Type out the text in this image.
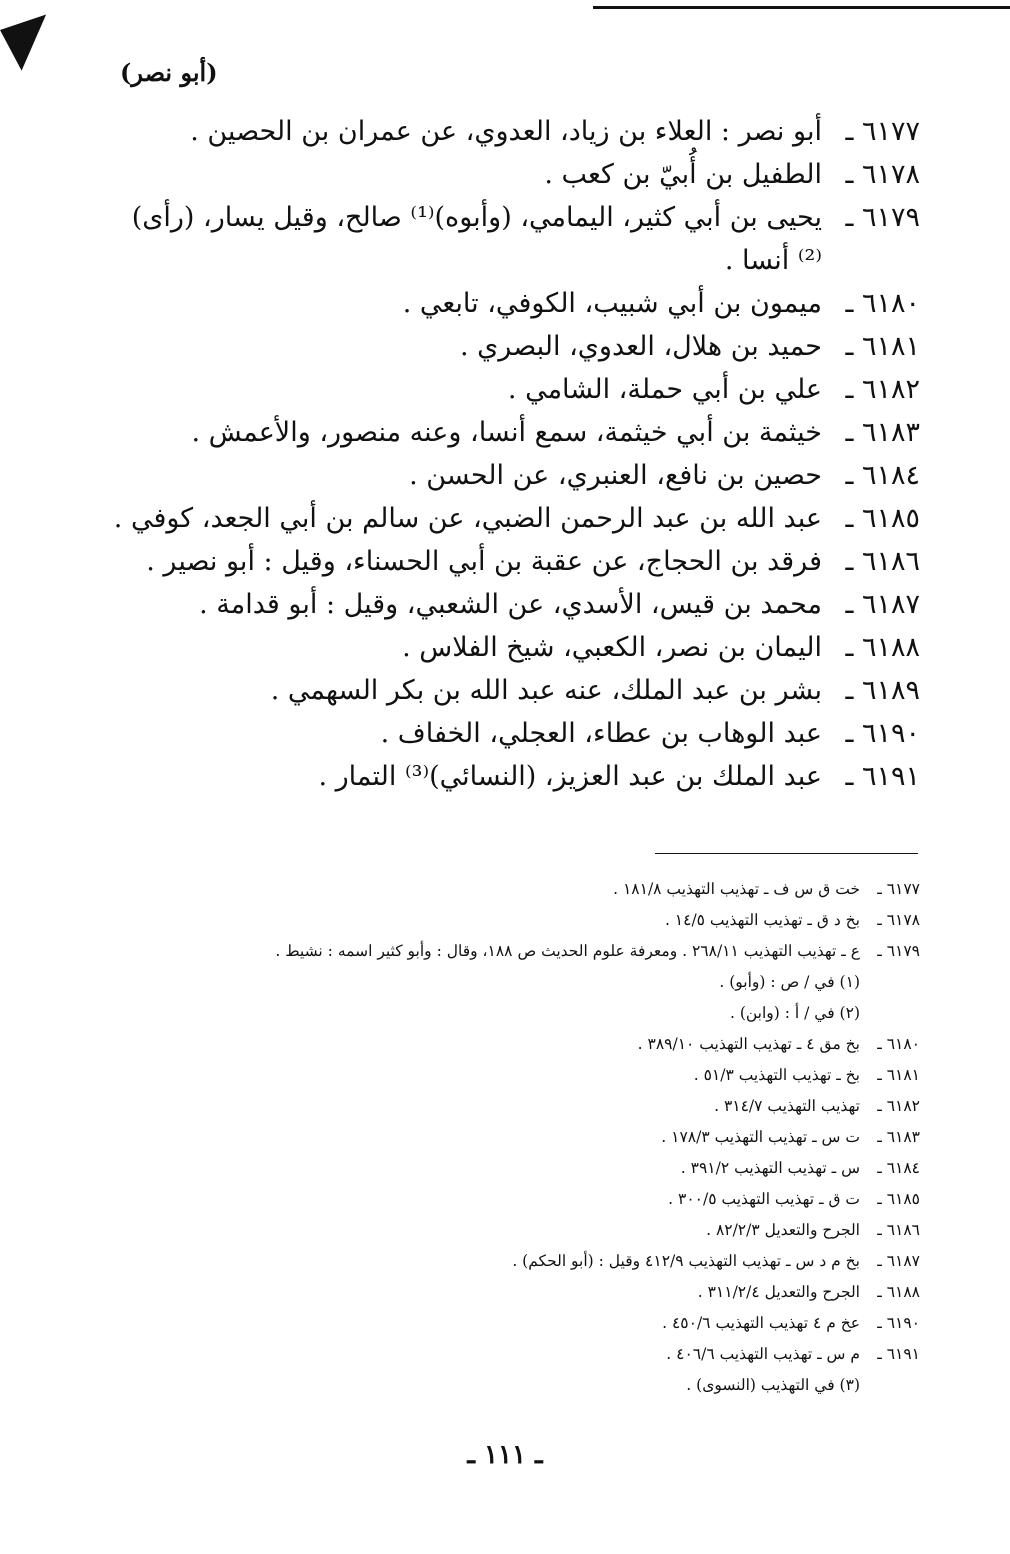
(أبو نصر)
٦١٧٧ ـ
أبو نصر : العلاء بن زياد، العدوي، عن عمران بن الحصين .
٦١٧٨ ـ
الطفيل بن أُبيّ بن كعب .
٦١٧٩ ـ
يحيى بن أبي كثير، اليمامي، (وأبوه)⁽¹⁾ صالح، وقيل يسار، (رأى)⁽²⁾ أنسا .
٦١٨٠ ـ
ميمون بن أبي شبيب، الكوفي، تابعي .
٦١٨١ ـ
حميد بن هلال، العدوي، البصري .
٦١٨٢ ـ
علي بن أبي حملة، الشامي .
٦١٨٣ ـ
خيثمة بن أبي خيثمة، سمع أنسا، وعنه منصور، والأعمش .
٦١٨٤ ـ
حصين بن نافع، العنبري، عن الحسن .
٦١٨٥ ـ
عبد الله بن عبد الرحمن الضبي، عن سالم بن أبي الجعد، كوفي .
٦١٨٦ ـ
فرقد بن الحجاج، عن عقبة بن أبي الحسناء، وقيل : أبو نصير .
٦١٨٧ ـ
محمد بن قيس، الأسدي، عن الشعبي، وقيل : أبو قدامة .
٦١٨٨ ـ
اليمان بن نصر، الكعبي، شيخ الفلاس .
٦١٨٩ ـ
بشر بن عبد الملك، عنه عبد الله بن بكر السهمي .
٦١٩٠ ـ
عبد الوهاب بن عطاء، العجلي، الخفاف .
٦١٩١ ـ
عبد الملك بن عبد العزيز، (النسائي)⁽³⁾ التمار .
٦١٧٧ ـ
خت ق س ف ـ تهذيب التهذيب ١٨١/٨ .
٦١٧٨ ـ
بخ د ق ـ تهذيب التهذيب ١٤/٥ .
٦١٧٩ ـ
ع ـ تهذيب التهذيب ٢٦٨/١١ . ومعرفة علوم الحديث ص ١٨٨، وقال : وأبو كثير اسمه : نشيط .
(١) في / ص : (وأبو) .
(٢) في / أ : (وابن) .
٦١٨٠ ـ
بخ مق ٤ ـ تهذيب التهذيب ٣٨٩/١٠ .
٦١٨١ ـ
بخ ـ تهذيب التهذيب ٥١/٣ .
٦١٨٢ ـ
تهذيب التهذيب ٣١٤/٧ .
٦١٨٣ ـ
ت س ـ تهذيب التهذيب ١٧٨/٣ .
٦١٨٤ ـ
س ـ تهذيب التهذيب ٣٩١/٢ .
٦١٨٥ ـ
ت ق ـ تهذيب التهذيب ٣٠٠/٥ .
٦١٨٦ ـ
الجرح والتعديل ٨٢/٢/٣ .
٦١٨٧ ـ
بخ م د س ـ تهذيب التهذيب ٤١٢/٩ وقيل : (أبو الحكم) .
٦١٨٨ ـ
الجرح والتعديل ٣١١/٢/٤ .
٦١٩٠ ـ
عخ م ٤ تهذيب التهذيب ٤٥٠/٦ .
٦١٩١ ـ
م س ـ تهذيب التهذيب ٤٠٦/٦ .
(٣) في التهذيب (النسوى) .
ـ ١١١ ـ
